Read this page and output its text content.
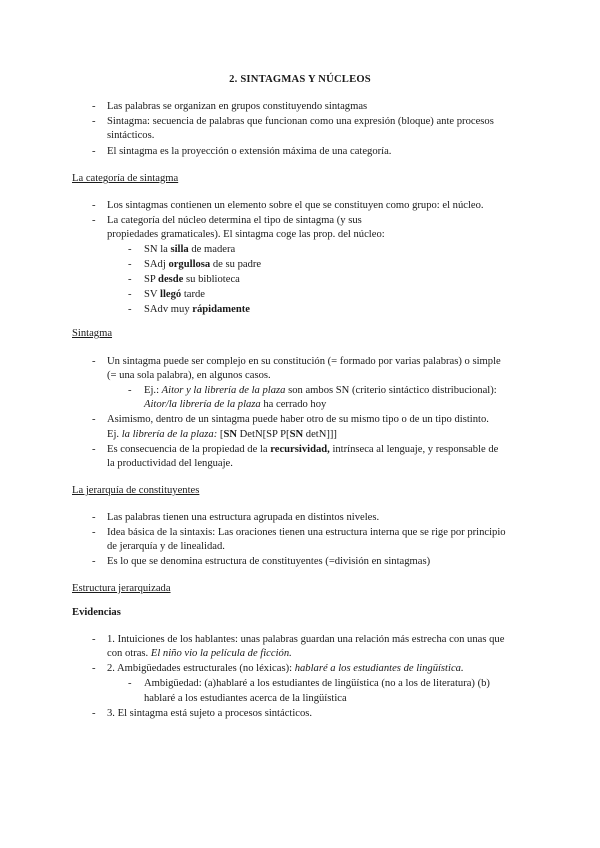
2. SINTAGMAS Y NÚCLEOS
- Las palabras se organizan en grupos constituyendo sintagmas
- Sintagma: secuencia de palabras que funcionan como una expresión (bloque) ante procesos
sintácticos.
- El sintagma es la proyección o extensión máxima de una categoría.
La categoría de sintagma
- Los sintagmas contienen un elemento sobre el que se constituyen como grupo: el núcleo.
- La categoría del núcleo determina el tipo de sintagma (y sus
propiedades gramaticales). El sintagma coge las prop. del núcleo:
- SN la silla de madera
- SAdj orgullosa de su padre
- SP desde su biblioteca
- SV llegó tarde
- SAdv muy rápidamente
Sintagma
- Un sintagma puede ser complejo en su constitución (= formado por varias palabras) o simple
(= una sola palabra), en algunos casos.
- Ej.: Aitor y la librería de la plaza son ambos SN (criterio sintáctico distribucional):
Aitor/la librería de la plaza ha cerrado hoy
- Asimismo, dentro de un sintagma puede haber otro de su mismo tipo o de un tipo distinto.
Ej. la librería de la plaza: [SN DetN[SP P[SN detN]]]
- Es consecuencia de la propiedad de la recursividad, intrínseca al lenguaje, y responsable de
la productividad del lenguaje.
La jerarquía de constituyentes
- Las palabras tienen una estructura agrupada en distintos niveles.
- Idea básica de la sintaxis: Las oraciones tienen una estructura interna que se rige por principio
de jerarquía y de linealidad.
- Es lo que se denomina estructura de constituyentes (=división en sintagmas)
Estructura jerarquizada
Evidencias
- 1. Intuiciones de los hablantes: unas palabras guardan una relación más estrecha con unas que
con otras. El niño vio la película de ficción.
- 2. Ambigüedades estructurales (no léxicas): hablaré a los estudiantes de lingüística.
- Ambigüedad: (a)hablaré a los estudiantes de lingüística (no a los de literatura) (b)
hablaré a los estudiantes acerca de la lingüística
- 3. El sintagma está sujeto a procesos sintácticos.
